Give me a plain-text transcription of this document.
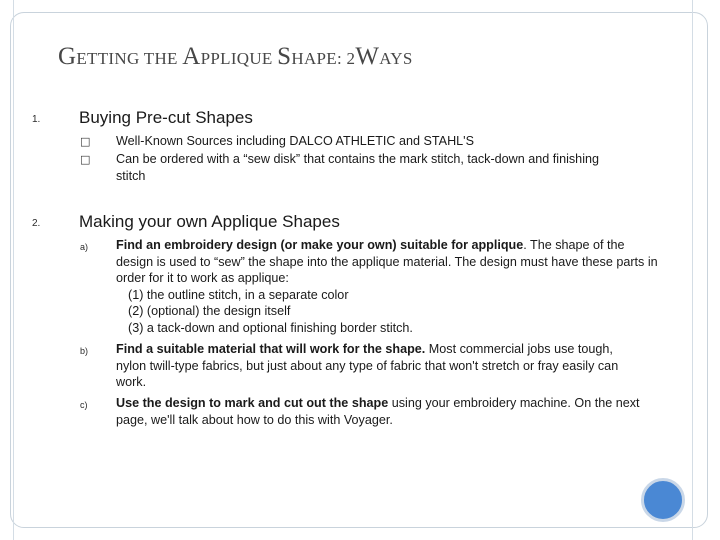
GETTING THE APPLIQUE SHAPE: 2WAYS
1. Buying Pre-cut Shapes
□ Well-Known Sources including DALCO ATHLETIC and STAHL'S
□ Can be ordered with a “sew disk” that contains the mark stitch, tack-down and finishing stitch
2. Making your own Applique Shapes
a) Find an embroidery design (or make your own) suitable for applique. The shape of the design is used to “sew” the shape into the applique material. The design must have these parts in order for it to work as applique:
(1) the outline stitch, in a separate color
(2) (optional) the design itself
(3) a tack-down and optional finishing border stitch.
b) Find a suitable material that will work for the shape. Most commercial jobs use tough, nylon twill-type fabrics, but just about any type of fabric that won't stretch or fray easily can work.
c) Use the design to mark and cut out the shape using your embroidery machine. On the next page, we'll talk about how to do this with Voyager.
